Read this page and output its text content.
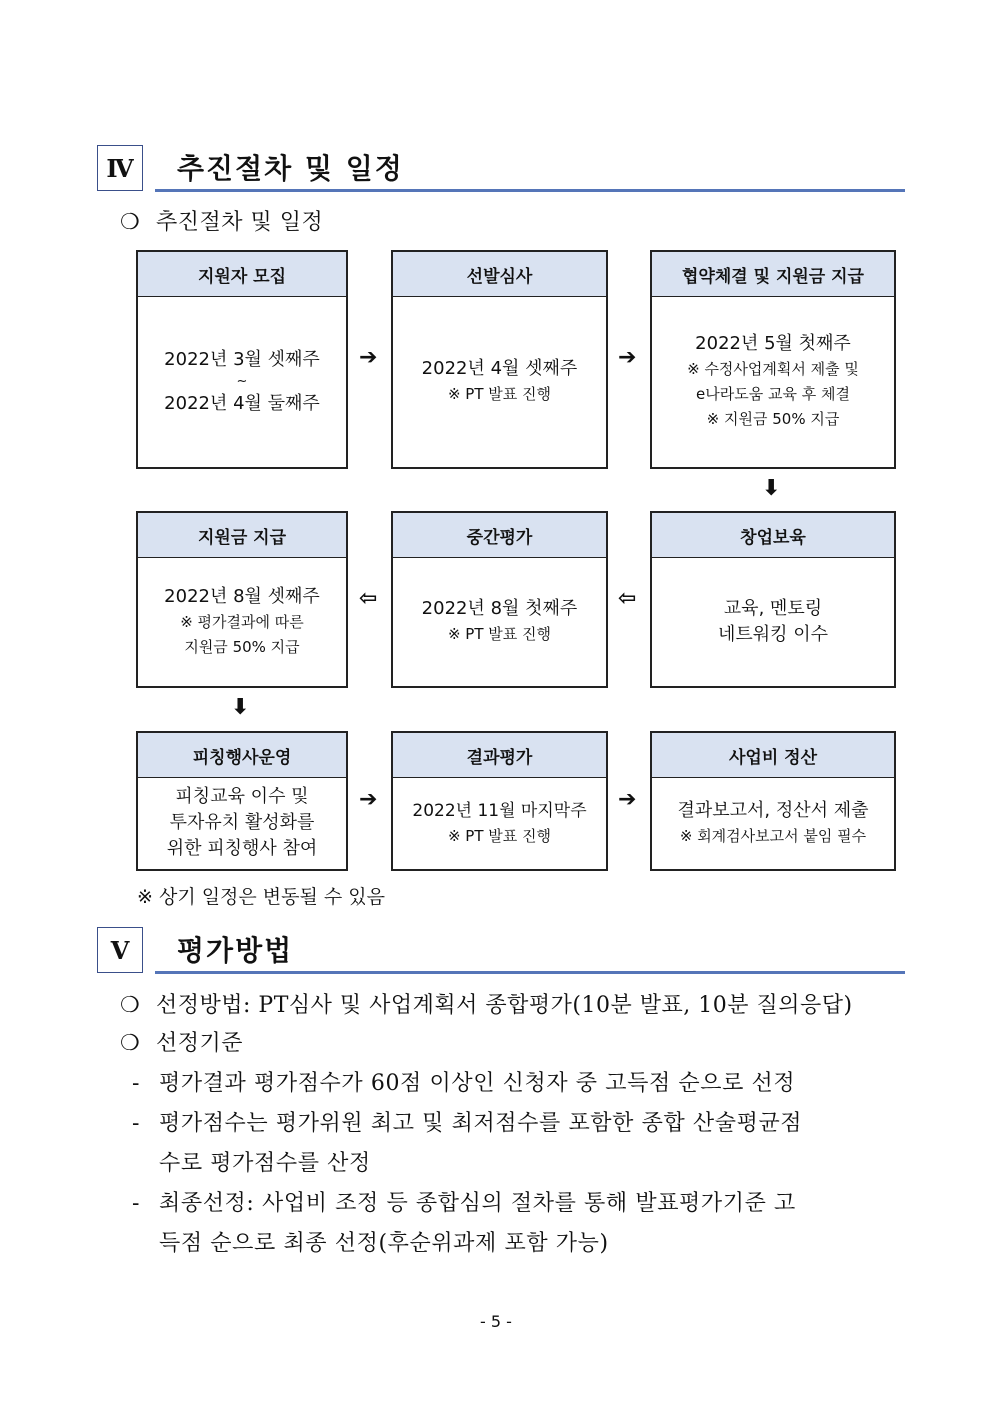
Ⅳ	추진절차 및 일정
❍ 추진절차 및 일정
지원자 모집
2022년 3월 셋째주
~
2022년 4월 둘째주
➔
선발심사
2022년 4월 셋째주
※ PT 발표 진행
➔
협약체결 및 지원금 지급
2022년 5월 첫째주
※ 수정사업계획서 제출 및
e나라도움 교육 후 체결
※ 지원금 50% 지급
⬇
지원금 지급
2022년 8월 셋째주
※ 평가결과에 따른
지원금 50% 지급
⇦
중간평가
2022년 8월 첫째주
※ PT 발표 진행
⇦
창업보육
교육, 멘토링
네트워킹 이수
⬇
피칭행사운영
피칭교육 이수 및
투자유치 활성화를
위한 피칭행사 참여
➔
결과평가
2022년 11월 마지막주
※ PT 발표 진행
➔
사업비 정산
결과보고서, 정산서 제출
※ 회계검사보고서 붙임 필수
※ 상기 일정은 변동될 수 있음
Ⅴ	평가방법
❍ 선정방법: PT심사 및 사업계획서 종합평가(10분 발표, 10분 질의응답)
❍ 선정기준
- 평가결과 평가점수가 60점 이상인 신청자 중 고득점 순으로 선정
- 평가점수는 평가위원 최고 및 최저점수를 포함한 종합 산술평균점
수로 평가점수를 산정
- 최종선정: 사업비 조정 등 종합심의 절차를 통해 발표평가기준 고
득점 순으로 최종 선정(후순위과제 포함 가능)
- 5 -
